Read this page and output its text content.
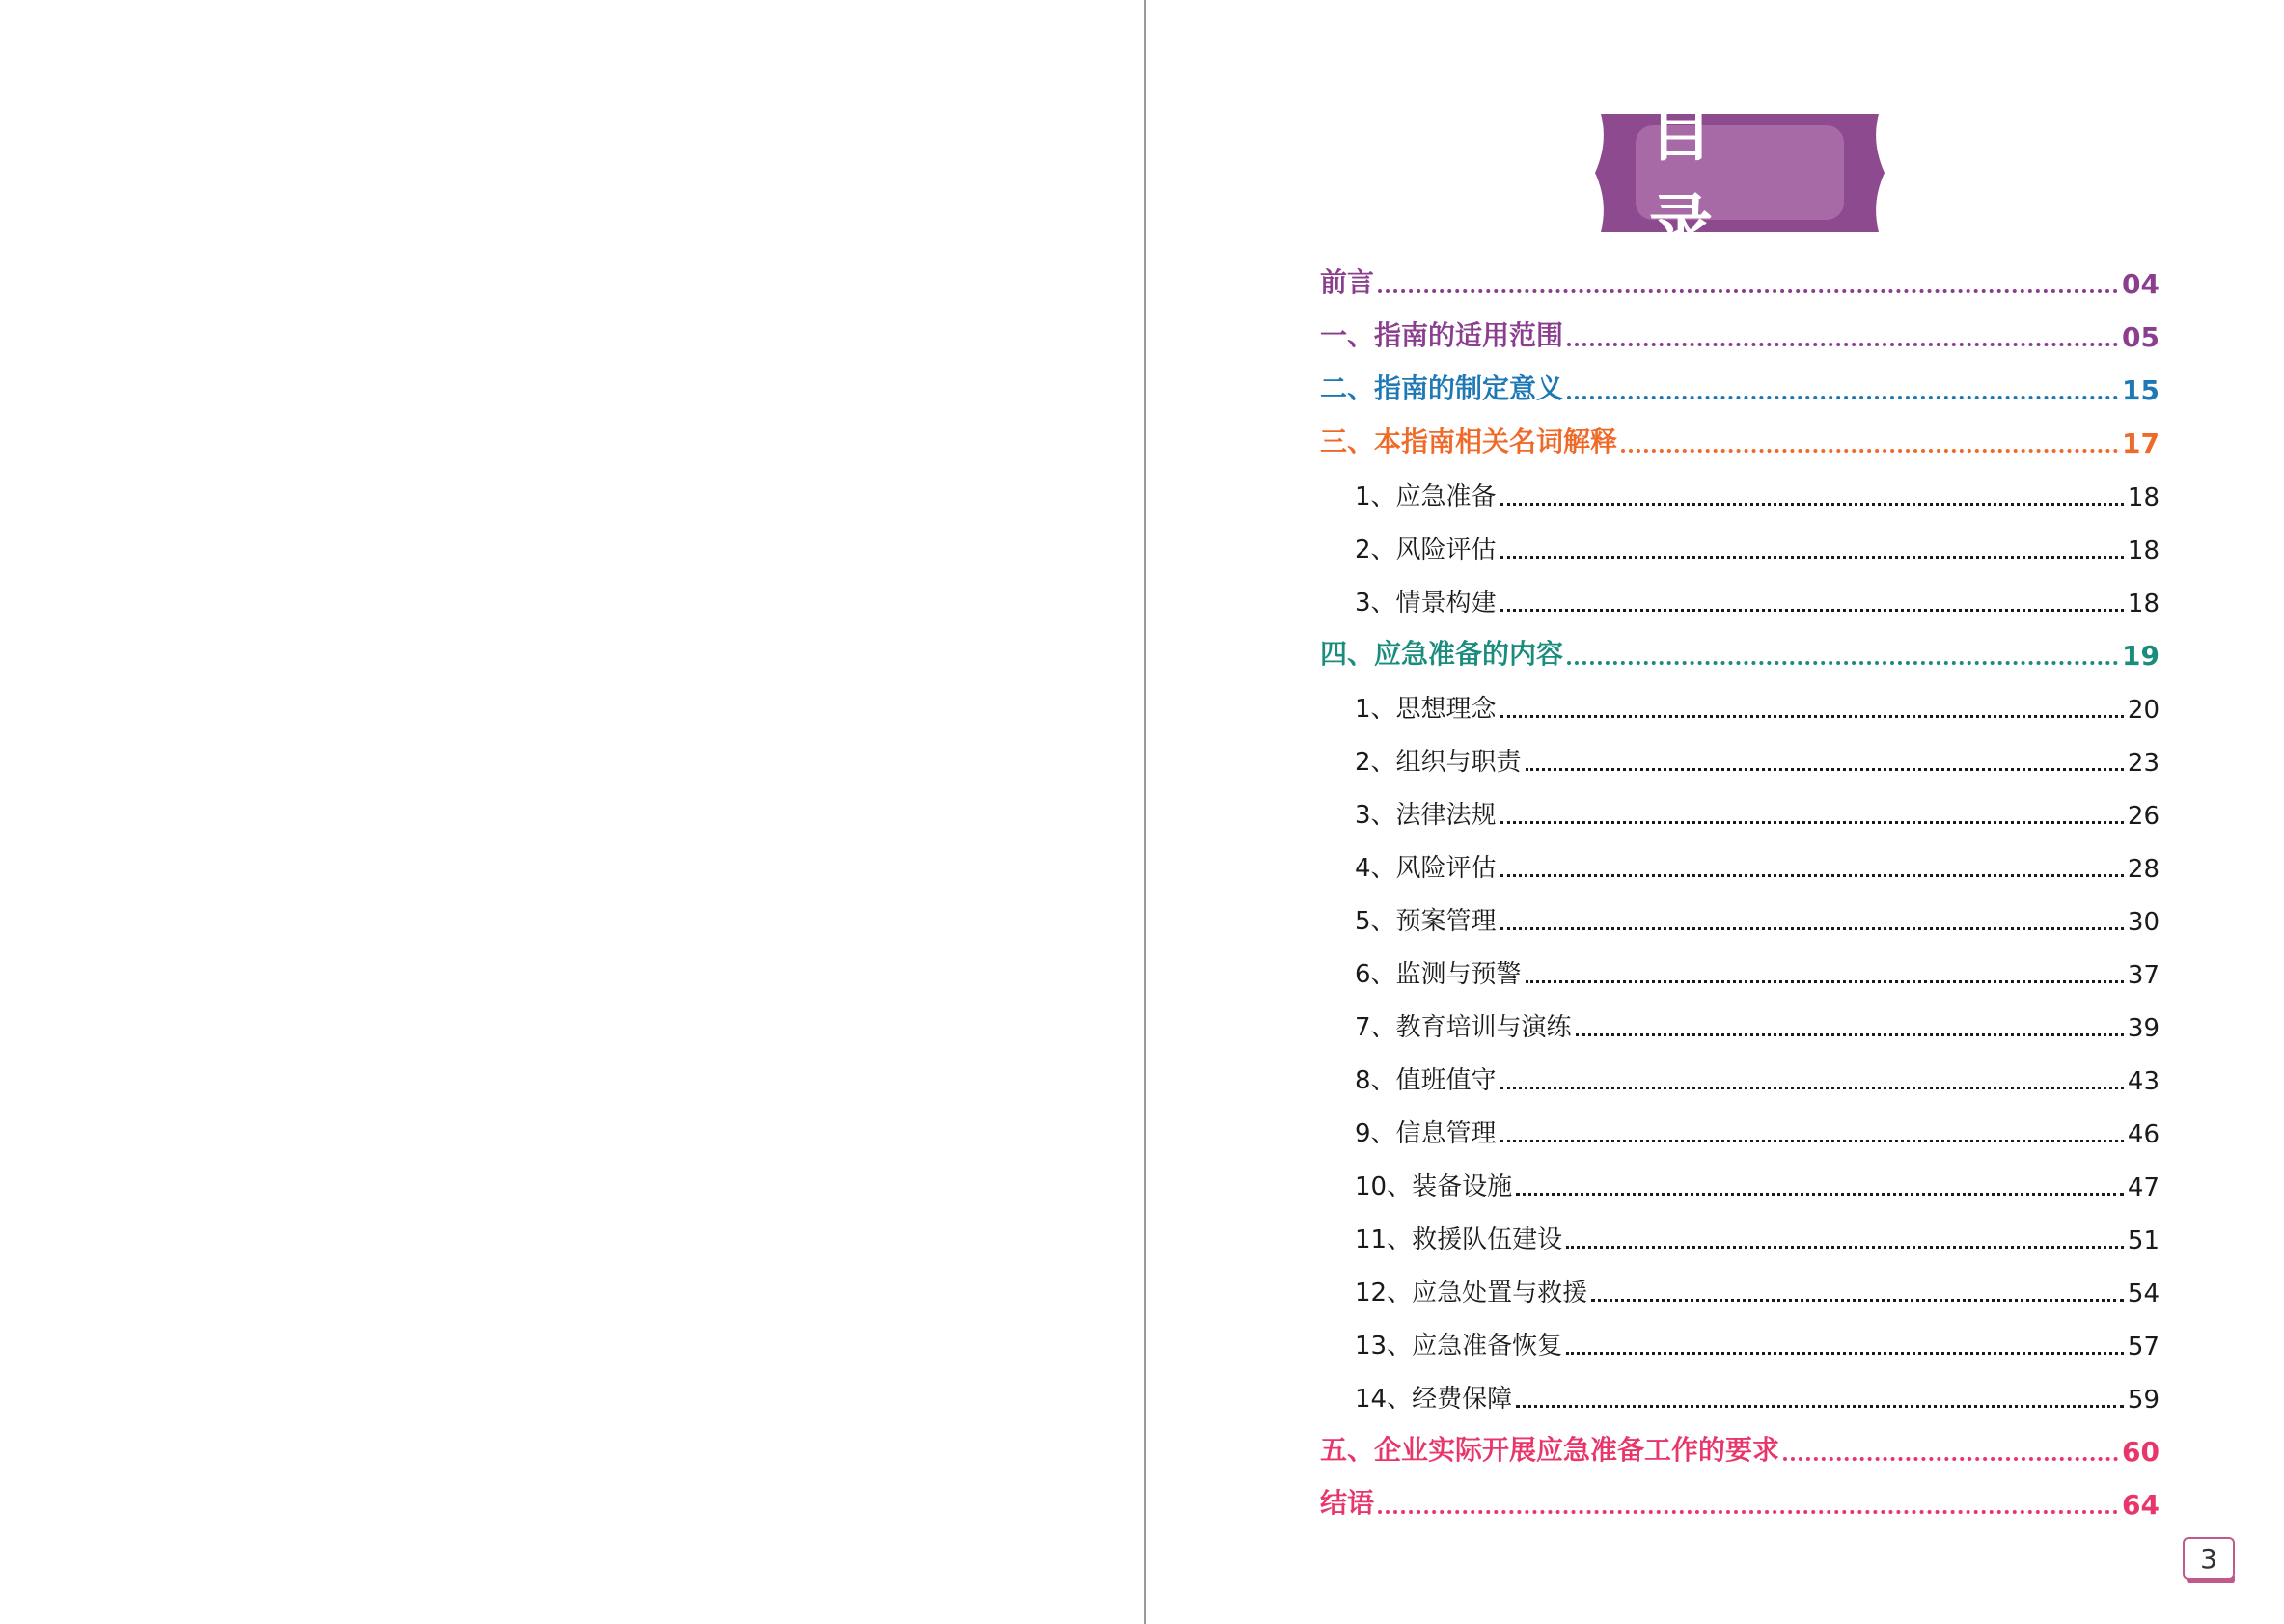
目 录
前言	04
一、指南的适用范围	05
二、指南的制定意义	15
三、本指南相关名词解释	17
1、应急准备	18
2、风险评估	18
3、情景构建	18
四、应急准备的内容	19
1、思想理念	20
2、组织与职责	23
3、法律法规	26
4、风险评估	28
5、预案管理	30
6、监测与预警	37
7、教育培训与演练	39
8、值班值守	43
9、信息管理	46
10、装备设施	47
11、救援队伍建设	51
12、应急处置与救援	54
13、应急准备恢复	57
14、经费保障	59
五、企业实际开展应急准备工作的要求	60
结语	64
3
